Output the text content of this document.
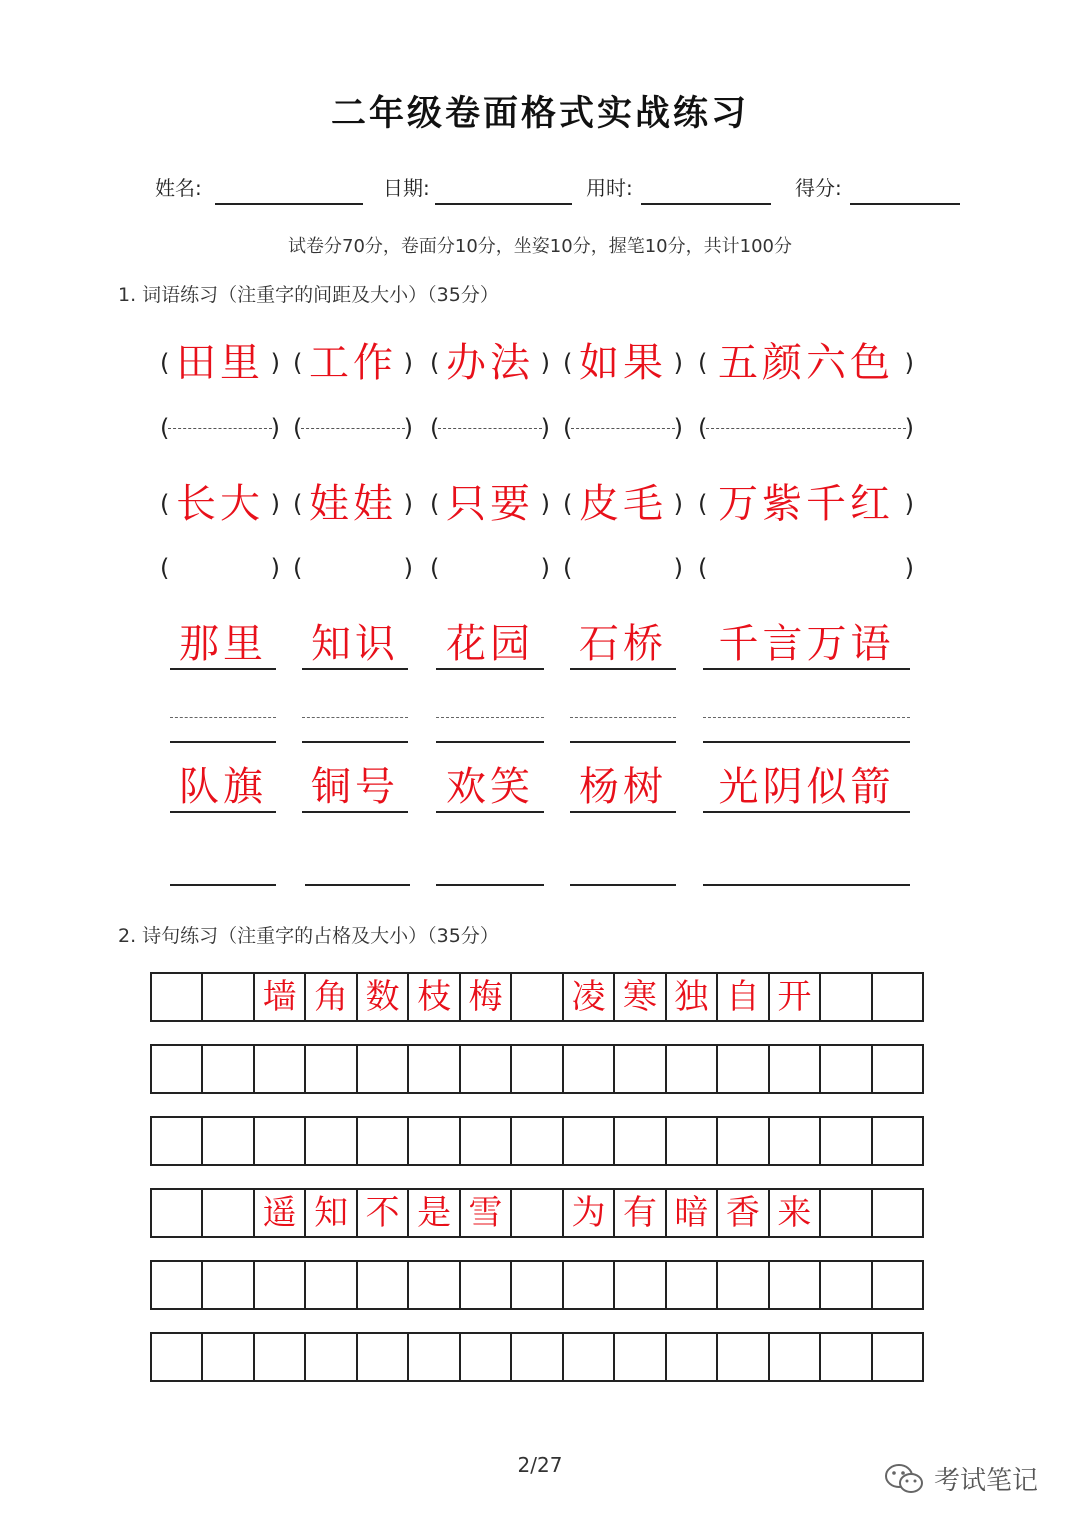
二年级卷面格式实战练习
姓名:	日期:	用时:	得分:
试卷分70分，卷面分10分，坐姿10分，握笔10分，共计100分
1. 词语练习（注重字的间距及大小）（35分）
( 田里 ) ( 工作 ) ( 办法 ) ( 如果 ) ( 五颜六色 )
(	) (	) (	) (	) (	)
( 长大 ) ( 娃娃 ) ( 只要 ) ( 皮毛 ) ( 万紫千红 )
(	) (	) (	) (	) (	)
那里 知识 花园 石桥	千言万语
队旗 铜号 欢笑 杨树	光阴似箭
2. 诗句练习（注重字的占格及大小）（35分）
墙 角 数 枝 梅 凌 寒 独 自 开
遥 知 不 是 雪 为 有 暗 香 来
2/27
考试笔记
